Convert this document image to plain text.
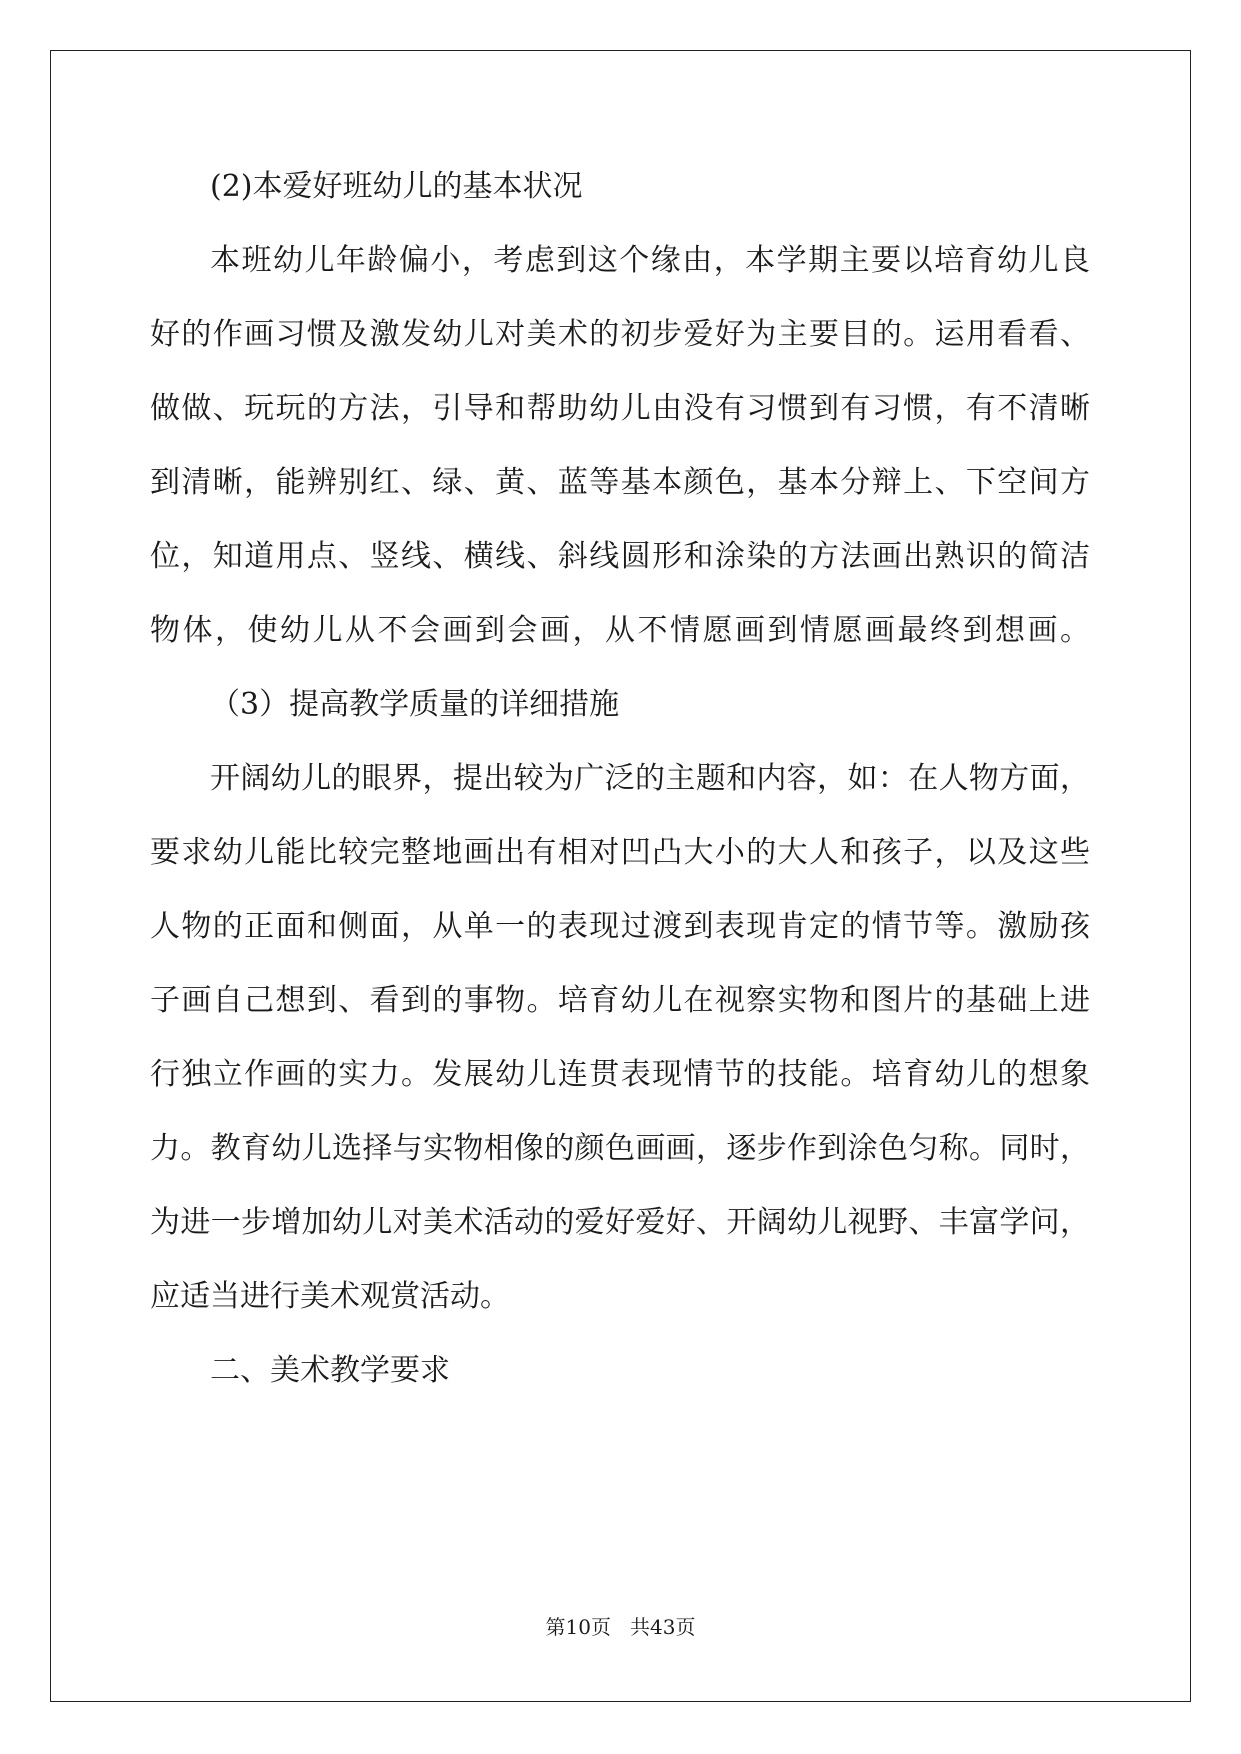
(2)本爱好班幼儿的基本状况
本班幼儿年龄偏小，考虑到这个缘由，本学期主要以培育幼儿良
好的作画习惯及激发幼儿对美术的初步爱好为主要目的。运用看看、
做做、玩玩的方法，引导和帮助幼儿由没有习惯到有习惯，有不清晰
到清晰，能辨别红、绿、黄、蓝等基本颜色，基本分辩上、下空间方
位，知道用点、竖线、横线、斜线圆形和涂染的方法画出熟识的简洁
物体，使幼儿从不会画到会画，从不情愿画到情愿画最终到想画。
（3）提高教学质量的详细措施
开阔幼儿的眼界，提出较为广泛的主题和内容，如：在人物方面，
要求幼儿能比较完整地画出有相对凹凸大小的大人和孩子，以及这些
人物的正面和侧面，从单一的表现过渡到表现肯定的情节等。激励孩
子画自己想到、看到的事物。培育幼儿在视察实物和图片的基础上进
行独立作画的实力。发展幼儿连贯表现情节的技能。培育幼儿的想象
力。教育幼儿选择与实物相像的颜色画画，逐步作到涂色匀称。同时，
为进一步增加幼儿对美术活动的爱好爱好、开阔幼儿视野、丰富学问，
应适当进行美术观赏活动。
二、美术教学要求
第10页 共43页
